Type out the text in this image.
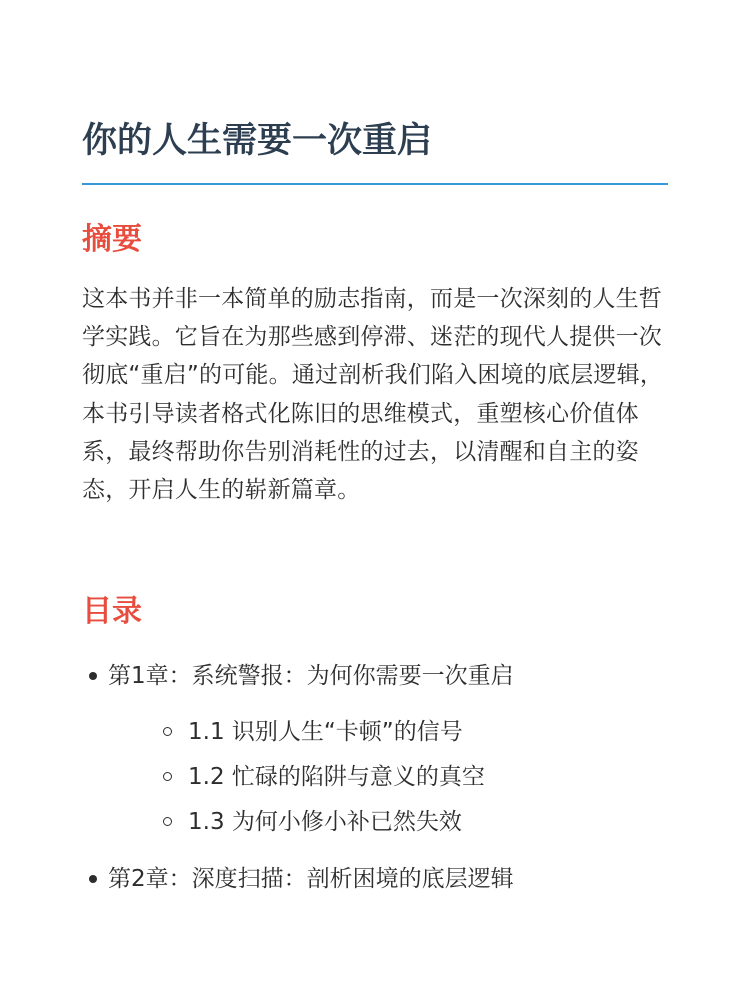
你的人生需要一次重启
摘要

这本书并非一本简单的励志指南，而是一次深刻的人生哲学实践。它旨在为那些感到停滞、迷茫的现代人提供一次彻底“重启”的可能。通过剖析我们陷入困境的底层逻辑，本书引导读者格式化陈旧的思维模式，重塑核心价值体系，最终帮助你告别消耗性的过去，以清醒和自主的姿态，开启人生的崭新篇章。

目录
第1章：系统警报：为何你需要一次重启
1.1 识别人生“卡顿”的信号
1.2 忙碌的陷阱与意义的真空
1.3 为何小修小补已然失效
第2章：深度扫描：剖析困境的底层逻辑
